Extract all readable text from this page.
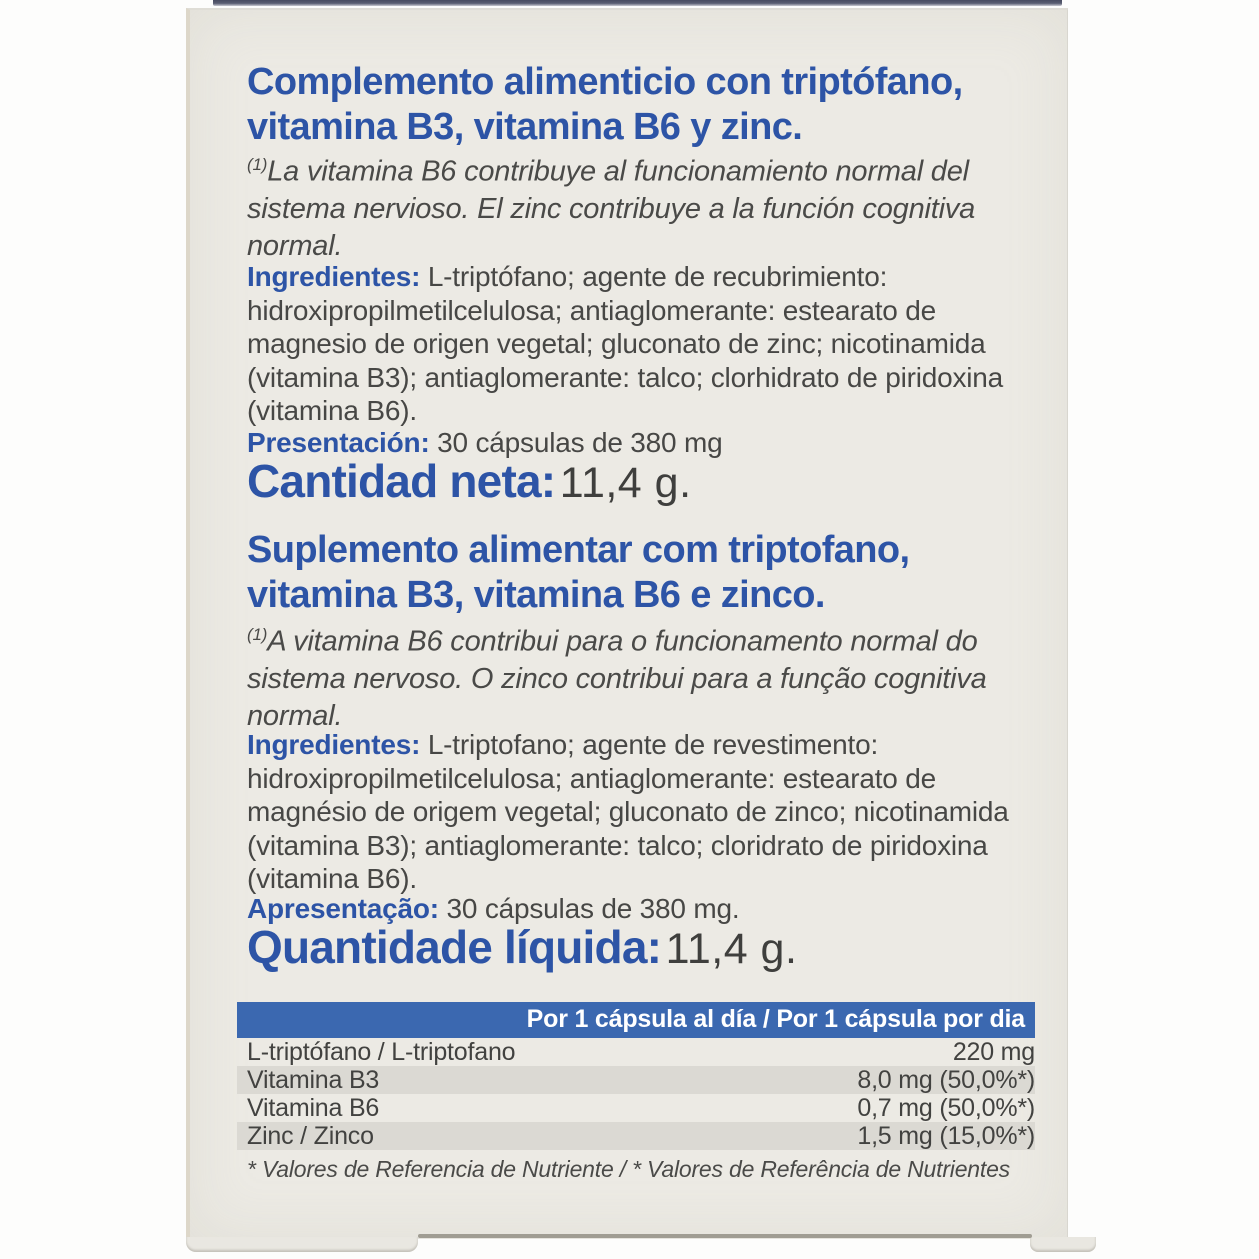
Complemento alimenticio con triptófano,
vitamina B3, vitamina B6 y zinc.
$^{(1)}$La vitamina B6 contribuye al funcionamiento normal del sistema nervioso. El zinc contribuye a la función cognitiva normal.
Ingredientes: L-triptófano; agente de recubrimiento: hidroxipropilmetilcelulosa; antiaglomerante: estearato de magnesio de origen vegetal; gluconato de zinc; nicotinamida (vitamina B3); antiaglomerante: talco; clorhidrato de piridoxina (vitamina B6).
Presentación: 30 cápsulas de 380 mg
Cantidad neta: 11,4 g.
Suplemento alimentar com triptofano,
vitamina B3, vitamina B6 e zinco.
$^{(1)}$A vitamina B6 contribui para o funcionamento normal do sistema nervoso. O zinco contribui para a função cognitiva normal.
Ingredientes: L-triptofano; agente de revestimento: hidroxipropilmetilcelulosa; antiaglomerante: estearato de magnésio de origem vegetal; gluconato de zinco; nicotinamida (vitamina B3); antiaglomerante: talco; cloridrato de piridoxina (vitamina B6).
Apresentação: 30 cápsulas de 380 mg.
Quantidade líquida: 11,4 g.
Por 1 cápsula al día / Por 1 cápsula por dia
L-triptófano / L-triptofano	220 mg
Vitamina B3	8,0 mg (50,0%*)
Vitamina B6	0,7 mg (50,0%*)
Zinc / Zinco	1,5 mg (15,0%*)
* Valores de Referencia de Nutriente / * Valores de Referência de Nutrientes
